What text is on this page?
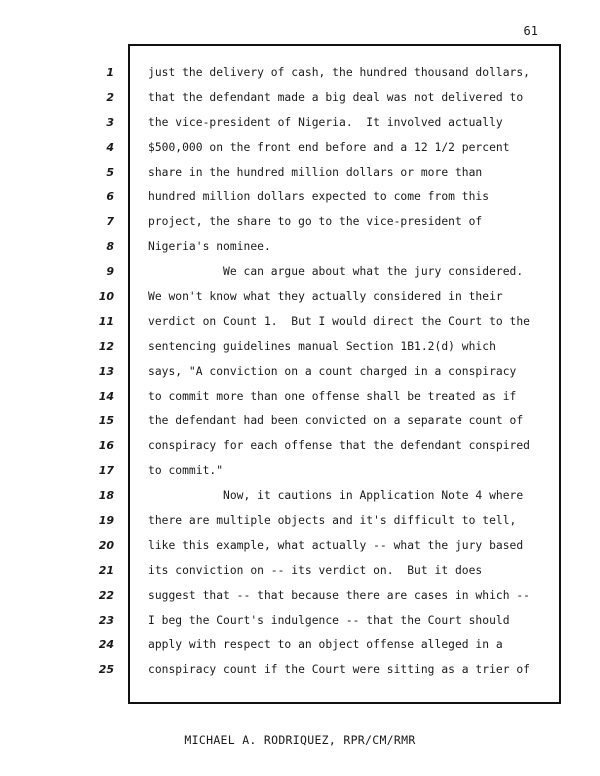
61
1
2
3
4
5
6
7
8
9
10
11
12
13
14
15
16
17
18
19
20
21
22
23
24
25
just the delivery of cash, the hundred thousand dollars,
that the defendant made a big deal was not delivered to
the vice-president of Nigeria.  It involved actually
$500,000 on the front end before and a 12 1/2 percent
share in the hundred million dollars or more than
hundred million dollars expected to come from this
project, the share to go to the vice-president of
Nigeria's nominee.
We can argue about what the jury considered.
We won't know what they actually considered in their
verdict on Count 1.  But I would direct the Court to the
sentencing guidelines manual Section 1B1.2(d) which
says, "A conviction on a count charged in a conspiracy
to commit more than one offense shall be treated as if
the defendant had been convicted on a separate count of
conspiracy for each offense that the defendant conspired
to commit."
Now, it cautions in Application Note 4 where
there are multiple objects and it's difficult to tell,
like this example, what actually -- what the jury based
its conviction on -- its verdict on.  But it does
suggest that -- that because there are cases in which --
I beg the Court's indulgence -- that the Court should
apply with respect to an object offense alleged in a
conspiracy count if the Court were sitting as a trier of
MICHAEL A. RODRIQUEZ, RPR/CM/RMR
